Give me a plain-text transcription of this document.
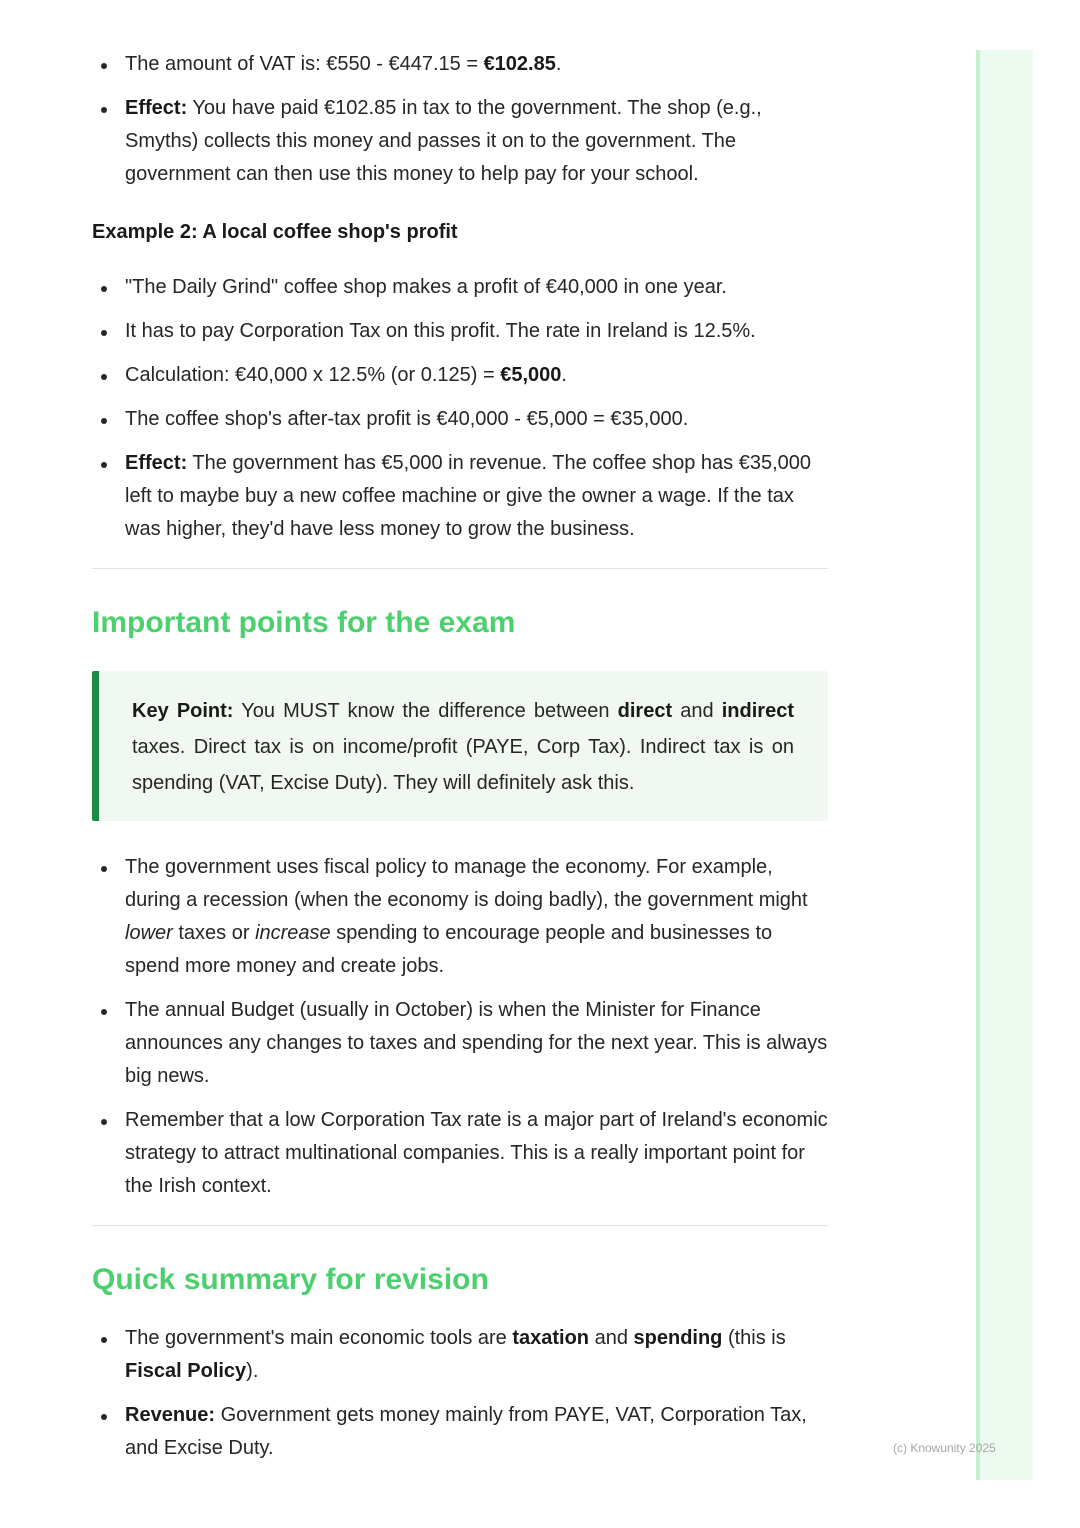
(c) Knowunity 2025
The amount of VAT is: €550 - €447.15 = €102.85.
Effect: You have paid €102.85 in tax to the government. The shop (e.g., Smyths) collects this money and passes it on to the government. The government can then use this money to help pay for your school.
Example 2: A local coffee shop's profit
"The Daily Grind" coffee shop makes a profit of €40,000 in one year.
It has to pay Corporation Tax on this profit. The rate in Ireland is 12.5%.
Calculation: €40,000 x 12.5% (or 0.125) = €5,000.
The coffee shop's after-tax profit is €40,000 - €5,000 = €35,000.
Effect: The government has €5,000 in revenue. The coffee shop has €35,000 left to maybe buy a new coffee machine or give the owner a wage. If the tax was higher, they'd have less money to grow the business.
Important points for the exam
Key Point: You MUST know the difference between direct and indirect taxes. Direct tax is on income/profit (PAYE, Corp Tax). Indirect tax is on spending (VAT, Excise Duty). They will definitely ask this.
The government uses fiscal policy to manage the economy. For example, during a recession (when the economy is doing badly), the government might lower taxes or increase spending to encourage people and businesses to spend more money and create jobs.
The annual Budget (usually in October) is when the Minister for Finance announces any changes to taxes and spending for the next year. This is always big news.
Remember that a low Corporation Tax rate is a major part of Ireland's economic strategy to attract multinational companies. This is a really important point for the Irish context.
Quick summary for revision
The government's main economic tools are taxation and spending (this is Fiscal Policy).
Revenue: Government gets money mainly from PAYE, VAT, Corporation Tax, and Excise Duty.
